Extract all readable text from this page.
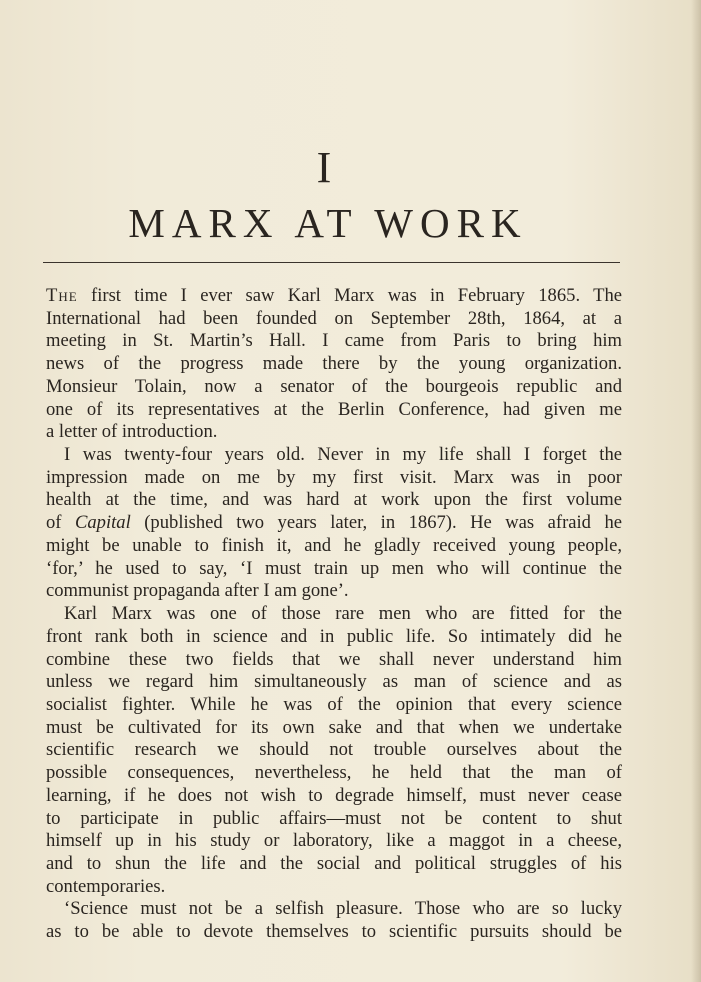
I
MARX AT WORK
The first time I ever saw Karl Marx was in February 1865. The
International had been founded on September 28th, 1864, at a
meeting in St. Martin’s Hall. I came from Paris to bring him
news of the progress made there by the young organization.
Monsieur Tolain, now a senator of the bourgeois republic and
one of its representatives at the Berlin Conference, had given me
a letter of introduction.
I was twenty-four years old. Never in my life shall I forget the
impression made on me by my first visit. Marx was in poor
health at the time, and was hard at work upon the first volume
of Capital (published two years later, in 1867). He was afraid he
might be unable to finish it, and he gladly received young people,
‘for,’ he used to say, ‘I must train up men who will continue the
communist propaganda after I am gone’.
Karl Marx was one of those rare men who are fitted for the
front rank both in science and in public life. So intimately did he
combine these two fields that we shall never understand him
unless we regard him simultaneously as man of science and as
socialist fighter. While he was of the opinion that every science
must be cultivated for its own sake and that when we undertake
scientific research we should not trouble ourselves about the
possible consequences, nevertheless, he held that the man of
learning, if he does not wish to degrade himself, must never cease
to participate in public affairs—must not be content to shut
himself up in his study or laboratory, like a maggot in a cheese,
and to shun the life and the social and political struggles of his
contemporaries.
‘Science must not be a selfish pleasure. Those who are so lucky
as to be able to devote themselves to scientific pursuits should be
